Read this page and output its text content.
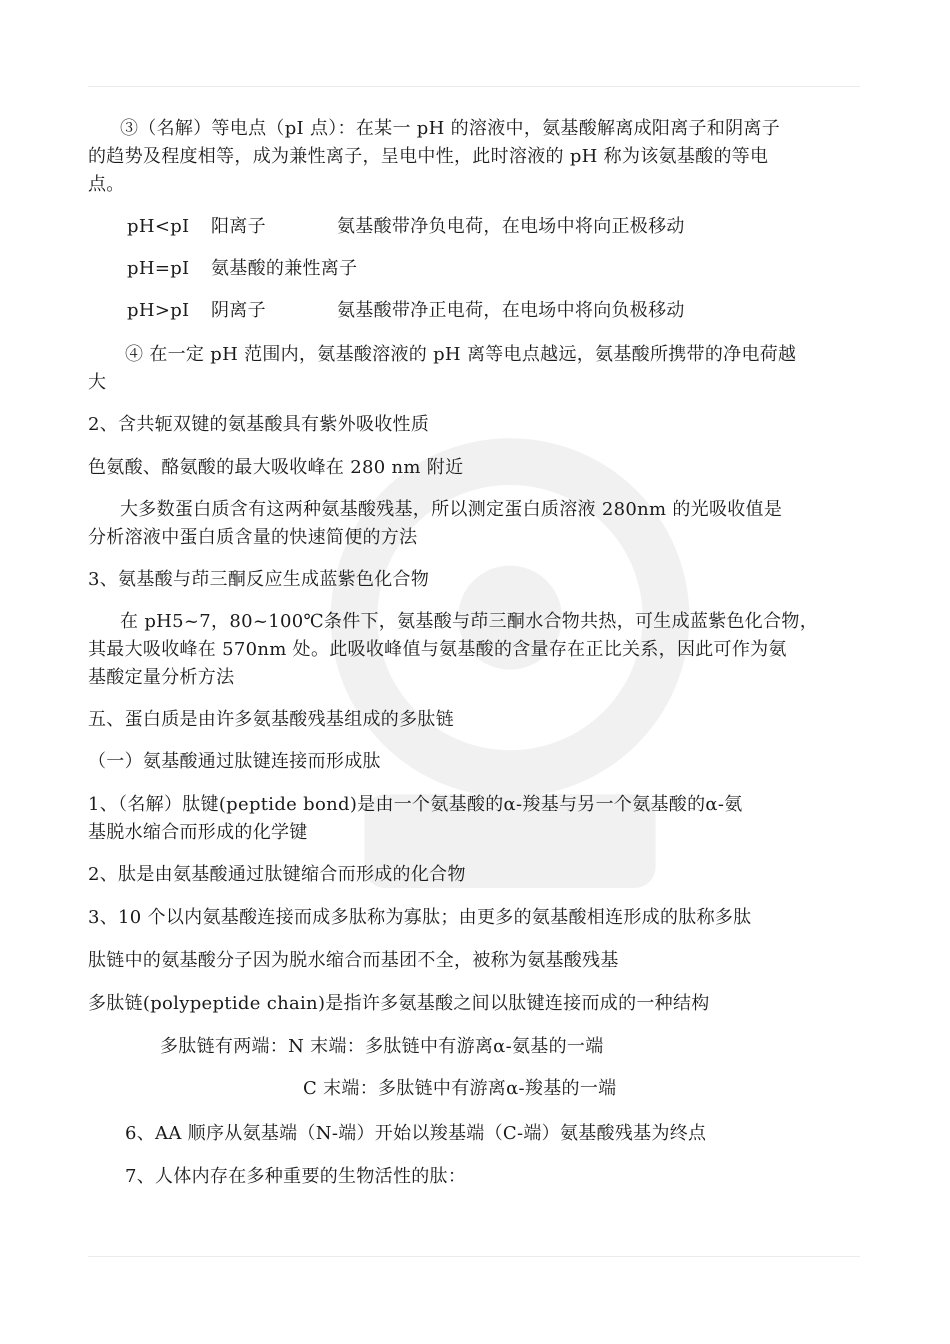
③（名解）等电点（pI 点）：在某一 pH 的溶液中，氨基酸解离成阳离子和阴离子
的趋势及程度相等，成为兼性离子，呈电中性，此时溶液的 pH 称为该氨基酸的等电
点。
pH<pI 阳离子	氨基酸带净负电荷，在电场中将向正极移动
pH=pI 氨基酸的兼性离子
pH>pI 阴离子	氨基酸带净正电荷，在电场中将向负极移动
④ 在一定 pH 范围内，氨基酸溶液的 pH 离等电点越远，氨基酸所携带的净电荷越
大
2、含共轭双键的氨基酸具有紫外吸收性质
色氨酸、酪氨酸的最大吸收峰在 280 nm 附近
大多数蛋白质含有这两种氨基酸残基，所以测定蛋白质溶液 280nm 的光吸收值是
分析溶液中蛋白质含量的快速简便的方法
3、氨基酸与茚三酮反应生成蓝紫色化合物
在 pH5~7，80~100℃条件下，氨基酸与茚三酮水合物共热，可生成蓝紫色化合物，
其最大吸收峰在 570nm 处。此吸收峰值与氨基酸的含量存在正比关系，因此可作为氨
基酸定量分析方法
五、蛋白质是由许多氨基酸残基组成的多肽链
（一）氨基酸通过肽键连接而形成肽
1、（名解）肽键(peptide bond)是由一个氨基酸的α-羧基与另一个氨基酸的α-氨
基脱水缩合而形成的化学键
2、肽是由氨基酸通过肽键缩合而形成的化合物
3、10 个以内氨基酸连接而成多肽称为寡肽；由更多的氨基酸相连形成的肽称多肽
肽链中的氨基酸分子因为脱水缩合而基团不全，被称为氨基酸残基
多肽链(polypeptide chain)是指许多氨基酸之间以肽键连接而成的一种结构
多肽链有两端：N 末端：多肽链中有游离α-氨基的一端
C 末端：多肽链中有游离α-羧基的一端
6、AA 顺序从氨基端（N-端）开始以羧基端（C-端）氨基酸残基为终点
7、人体内存在多种重要的生物活性的肽：
